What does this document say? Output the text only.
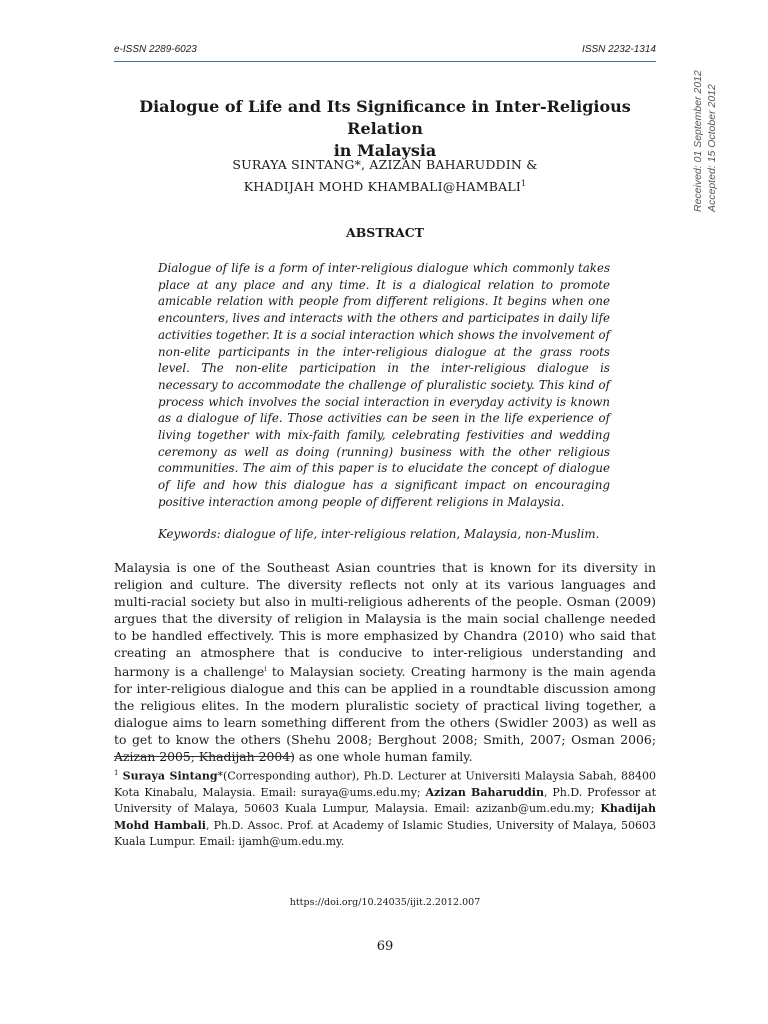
e-ISSN 2289-6023	ISSN 2232-1314
Received: 01 September 2012 Accepted: 15 October 2012
Dialogue of Life and Its Significance in Inter-Religious Relation
in Malaysia
SURAYA SINTANG*, AZIZAN BAHARUDDIN &
KHADIJAH MOHD KHAMBALI@HAMBALI$^1$
ABSTRACT
Dialogue of life is a form of inter-religious dialogue which commonly takes place at any place and any time. It is a dialogical relation to promote amicable relation with people from different religions. It begins when one encounters, lives and interacts with the others and participates in daily life activities together. It is a social interaction which shows the involvement of non-elite participants in the inter-religious dialogue at the grass roots level. The non-elite participation in the inter-religious dialogue is necessary to accommodate the challenge of pluralistic society. This kind of process which involves the social interaction in everyday activity is known as a dialogue of life. Those activities can be seen in the life experience of living together with mix-faith family, celebrating festivities and wedding ceremony as well as doing (running) business with the other religious communities. The aim of this paper is to elucidate the concept of dialogue of life and how this dialogue has a significant impact on encouraging positive interaction among people of different religions in Malaysia.
Keywords: dialogue of life, inter-religious relation, Malaysia, non-Muslim.
Malaysia is one of the Southeast Asian countries that is known for its diversity in religion and culture. The diversity reflects not only at its various languages and multi-racial society but also in multi-religious adherents of the people. Osman (2009) argues that the diversity of religion in Malaysia is the main social challenge needed to be handled effectively. This is more emphasized by Chandra (2010) who said that creating an atmosphere that is conducive to inter-religious understanding and harmony is a challenge$^i$ to Malaysian society. Creating harmony is the main agenda for inter-religious dialogue and this can be applied in a roundtable discussion among the religious elites. In the modern pluralistic society of practical living together, a dialogue aims to learn something different from the others (Swidler 2003) as well as to get to know the others (Shehu 2008; Berghout 2008; Smith, 2007; Osman 2006; Azizan 2005; Khadijah 2004) as one whole human family.
$^1$ Suraya Sintang*(Corresponding author), Ph.D. Lecturer at Universiti Malaysia Sabah, 88400 Kota Kinabalu, Malaysia. Email: suraya@ums.edu.my; Azizan Baharuddin, Ph.D. Professor at University of Malaya, 50603 Kuala Lumpur, Malaysia. Email: azizanb@um.edu.my; Khadijah Mohd Hambali, Ph.D. Assoc. Prof. at Academy of Islamic Studies, University of Malaya, 50603 Kuala Lumpur. Email: ijamh@um.edu.my.
https://doi.org/10.24035/ijit.2.2012.007
69
